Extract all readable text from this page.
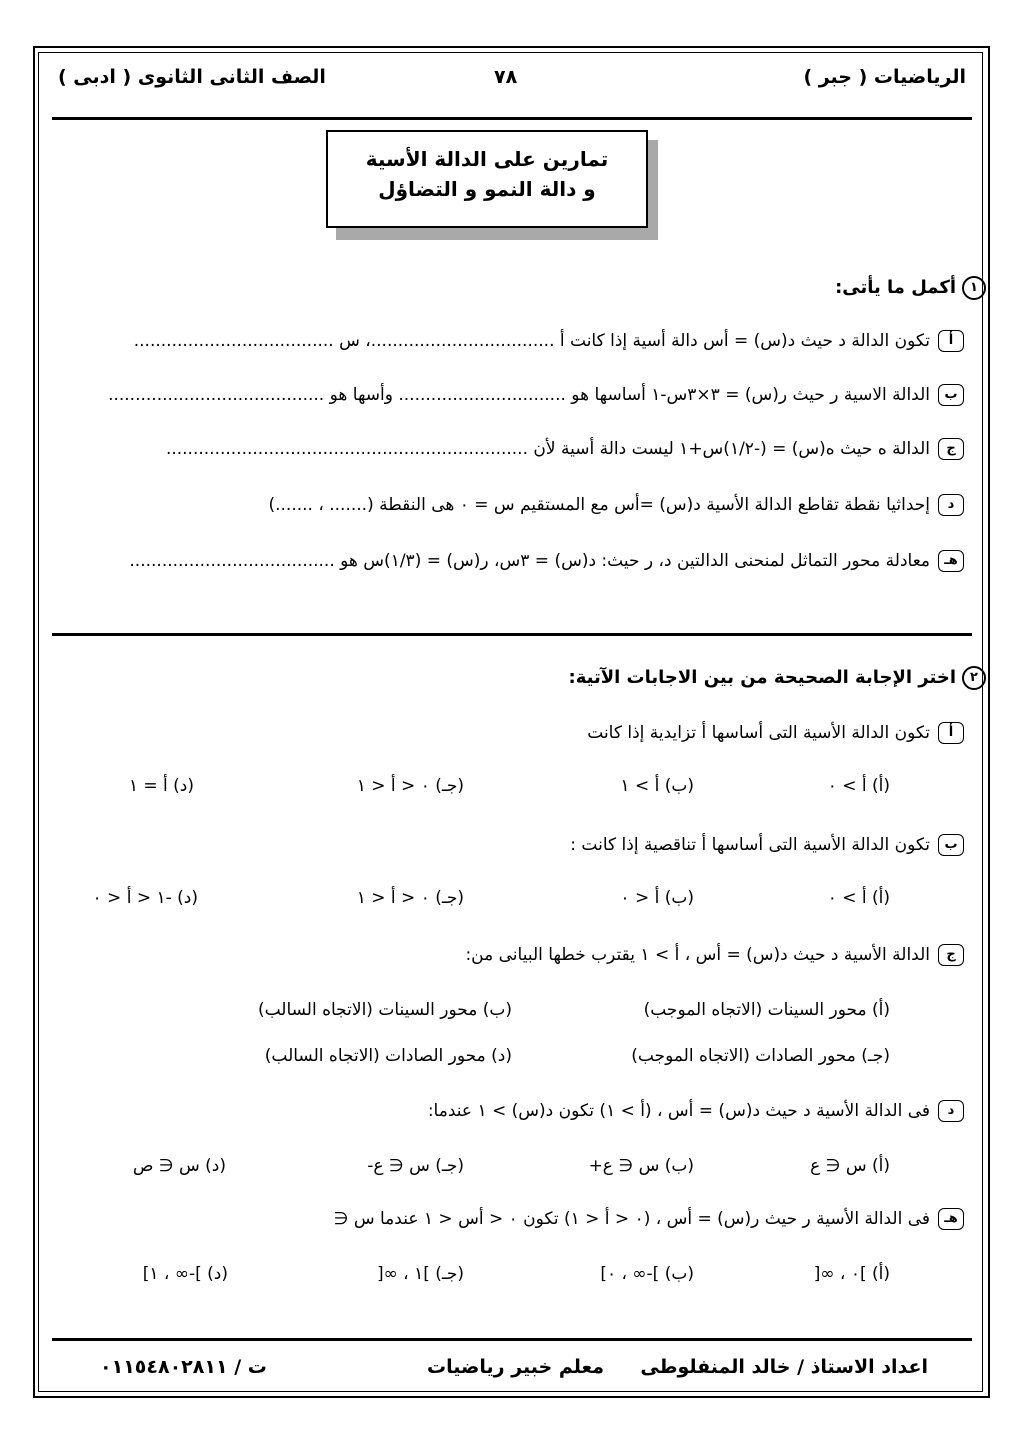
الرياضيات ( جبر )
٧٨
الصف الثانى الثانوى ( ادبى )
تمارين على الدالة الأسية
و دالة النمو و التضاؤل
١أكمل ما يأتى:
أتكون الدالة د حيث د(س) = أس دالة أسية إذا كانت أ ..................................، س .....................................
بالدالة الاسية ر حيث ر(س) = ٣×٣س-١ أساسها هو ............................... وأسها هو ........................................
جالدالة ه حيث ه(س) = (-١/٢)س+١ ليست دالة أسية لأن ...................................................................
دإحداثيا نقطة تقاطع الدالة الأسية د(س) =أس مع المستقيم س = ٠ هى النقطة (....... ، .......)
هـمعادلة محور التماثل لمنحنى الدالتين د، ر حيث: د(س) = ٣س، ر(س) = (١/٣)س هو ......................................
٢اختر الإجابة الصحيحة من بين الاجابات الآتية:
أتكون الدالة الأسية التى أساسها أ تزايدية إذا كانت
(أ) أ > ٠
(ب) أ > ١
(جـ) ٠ < أ < ١
(د) أ = ١
بتكون الدالة الأسية التى أساسها أ تناقصية إذا كانت :
(أ) أ > ٠
(ب) أ < ٠
(جـ) ٠ < أ < ١
(د) -١ < أ < ٠
جالدالة الأسية د حيث د(س) = أس ، أ > ١ يقترب خطها البيانى من:
(أ) محور السينات (الاتجاه الموجب)
(ب) محور السينات (الاتجاه السالب)
(جـ) محور الصادات (الاتجاه الموجب)
(د) محور الصادات (الاتجاه السالب)
دفى الدالة الأسية د حيث د(س) = أس ، (أ > ١) تكون د(س) > ١ عندما:
(أ) س ∈ ع
(ب) س ∈ ع+
(جـ) س ∈ ع-
(د) س ∈ ص
هـفى الدالة الأسية ر حيث ر(س) = أس ، (٠ < أ < ١) تكون ٠ < أس < ١ عندما س ∈
(أ) ]٠ ، ∞[
(ب) ]-∞ ، ٠]
(جـ) ]١ ، ∞[
(د) ]-∞ ، ١]
اعداد الاستاذ / خالد المنفلوطى
معلم خبير رياضيات
ت / ٠١١٥٤٨٠٢٨١١
